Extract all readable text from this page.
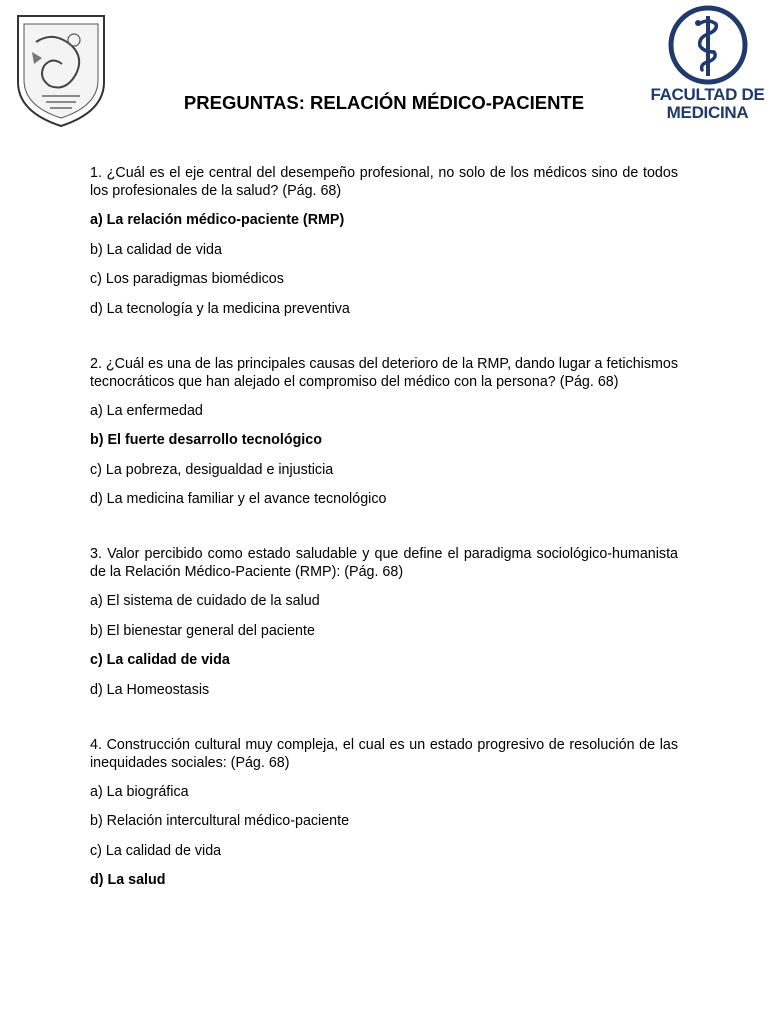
FACULTAD DE
MEDICINA
PREGUNTAS: RELACIÓN MÉDICO-PACIENTE
1. ¿Cuál es el eje central del desempeño profesional, no solo de los médicos sino de todos los profesionales de la salud? (Pág. 68)
a) La relación médico-paciente (RMP)
b) La calidad de vida
c) Los paradigmas biomédicos
d) La tecnología y la medicina preventiva
2. ¿Cuál es una de las principales causas del deterioro de la RMP, dando lugar a fetichismos tecnocráticos que han alejado el compromiso del médico con la persona? (Pág. 68)
a) La enfermedad
b) El fuerte desarrollo tecnológico
c) La pobreza, desigualdad e injusticia
d) La medicina familiar y el avance tecnológico
3. Valor percibido como estado saludable y que define el paradigma sociológico-humanista de la Relación Médico-Paciente (RMP): (Pág. 68)
a) El sistema de cuidado de la salud
b) El bienestar general del paciente
c) La calidad de vida
d) La Homeostasis
4. Construcción cultural muy compleja, el cual es un estado progresivo de resolución de las inequidades sociales: (Pág. 68)
a) La biográfica
b) Relación intercultural médico-paciente
c) La calidad de vida
d) La salud
